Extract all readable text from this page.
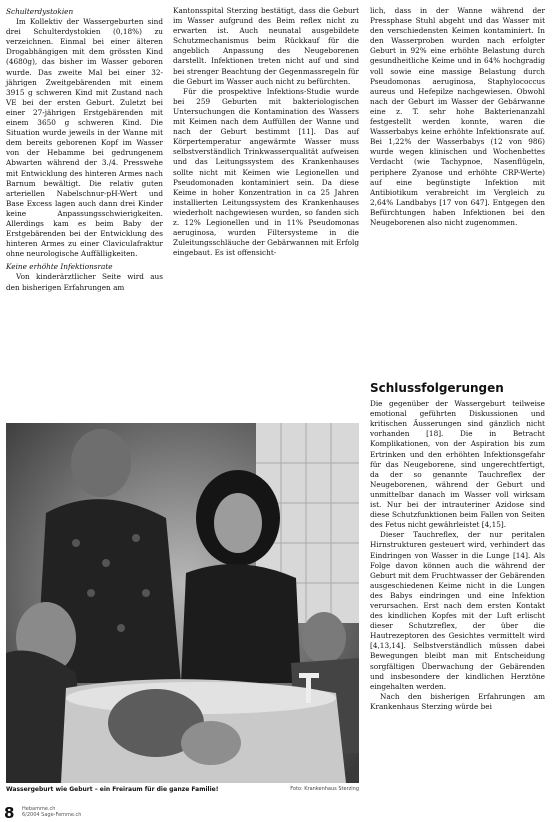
Schulterdystokien

Im Kollektiv der Wassergeburten sind drei Schulterdystokien (0,18%) zu verzeichnen. Einmal bei einer älteren Drogabhängigen mit dem grössten Kind (4680g), das bisher im Wasser geboren wurde. Das zweite Mal bei einer 32-jährigen Zweitgebärenden mit einem 3915 g schweren Kind mit Zustand nach VE bei der ersten Geburt. Zuletzt bei einer 27-jährigen Erstgebärenden mit einem 3650 g schweren Kind. Die Situation wurde jeweils in der Wanne mit dem bereits geborenen Kopf im Wasser von der Hebamme bei gedrungenem Abwarten während der 3./4. Presswehe mit Entwicklung des hinteren Armes nach Barnum bewältigt. Die relativ guten arteriellen Nabelschnur-pH-Wert und Base Excess lagen auch dann drei Kinder keine Anpassungsschwierigkeiten. Allerdings kam es beim Baby der Erstgebärenden bei der Entwicklung des hinteren Armes zu einer Claviculafraktur ohne neurologische Auffälligkeiten.

Keine erhöhte Infektionsrate

Von kinderärztlicher Seite wird aus den bisherigen Erfahrungen am

Kantonsspital Sterzing bestätigt, dass die Geburt im Wasser aufgrund des Beim reflex nicht zu erwarten ist. Auch neunatal ausgebildete Schutzmechanismus beim Rückkauf für die angeblich Anpassung des Neugeborenen darstellt. Infektionen treten nicht auf und sind bei strenger Beachtung der Gegenmassregeln für die Geburt im Wasser auch nicht zu befürchten.

Für die prospektive Infektions-Studie wurde bei 259 Geburten mit bakteriologischen Untersuchungen die Kontamination des Wassers mit Keimen nach dem Auffüllen der Wanne und nach der Geburt bestimmt [11]. Das auf Körpertemperatur angewärmte Wasser muss selbstverständlich Trinkwasserqualität aufweisen und das Leitungssystem des Krankenhauses sollte nicht mit Keimen wie Legionellen und Pseudomonaden kontaminiert sein. Da diese Keime in hoher Konzentration in ca 25 Jahren installierten Leitungssystem des Krankenhauses wiederholt nachgewiesen wurden, so fanden sich z. 12% Legionellen und in 11% Pseudomonas aeruginosa, wurden Filtersysteme in die Zuleitungsschläuche der Gebärwannen mit Erfolg eingebaut. Es ist offensicht-

lich, dass in der Wanne während der Pressphase Stuhl abgeht und das Wasser mit den verschiedensten Keimen kontaminiert. In den Wasserproben wurden nach erfolgter Geburt in 92% eine erhöhte Belastung durch gesundheitliche Keime und in 64% hochgradig voll sowie eine massige Belastung durch Pseudomonas aeruginosa, Staphylococcus aureus und Hefepilze nachgewiesen. Obwohl nach der Geburt im Wasser der Gebärwanne eine z. T. sehr hohe Bakterienanzahl festgestellt werden konnte, waren die Wasserbabys keine erhöhte Infektionsrate auf. Bei 1,22% der Wasserbabys (12 von 986) wurde wegen klinischen und Wochenbettes Verdacht (wie Tachypnoe, Nasenflügeln, periphere Zyanose und erhöhte CRP-Werte) auf eine begünstigte Infektion mit Antibiotikum verabreicht im Vergleich zu 2,64% Landbabys [17 von 647]. Entgegen den Befürchtungen haben Infektionen bei den Neugeborenen also nicht zugenommen.

Schlussfolgerungen

Die gegenüber der Wassergeburt teilweise emotional geführten Diskussionen und kritischen Äusserungen sind gänzlich nicht vorhanden [18]. Die in Betracht Komplikationen, von der Aspiration bis zum Ertrinken und den erhöhten Infektionsgefahr für das Neugeborene, sind ungerechtfertigt, da der so genannte Tauchreflex der Neugeborenen, während der Geburt und unmittelbar danach im Wasser voll wirksam ist. Nur bei der intrauteriner Azidose sind diese Schutzfunktionen beim Fallen von Seiten des Fetus nicht gewährleistet [4,15].

Dieser Tauchreflex, der nur peritalen Hirnstrukturen gesteuert wird, verhindert das Eindringen von Wasser in die Lunge [14]. Als Folge davon können auch die während der Geburt mit dem Fruchtwasser der Gebärenden ausgeschiedenen Keime nicht in die Lungen des Babys eindringen und eine Infektion verursachen. Erst nach dem ersten Kontakt des kindlichen Kopfes mit der Luft erlischt dieser Schutzreflex, der über die Hautrezeptoren des Gesichtes vermittelt wird [4,13,14]. Selbstverständlich müssen dabei Bewegungen bleibt man mit Entscheidung sorgfältigen Überwachung der Gebärenden und insbesondere der kindlichen Herztöne eingehalten werden.

Nach den bisherigen Erfahrungen am Krankenhaus Sterzing würde bei

Wassergeburt wie Geburt – ein Freiraum für die ganze Familie!	Foto: Krankenhaus Sterzing
8 Hebamme.ch
6/2004 Sage-Femme.ch
